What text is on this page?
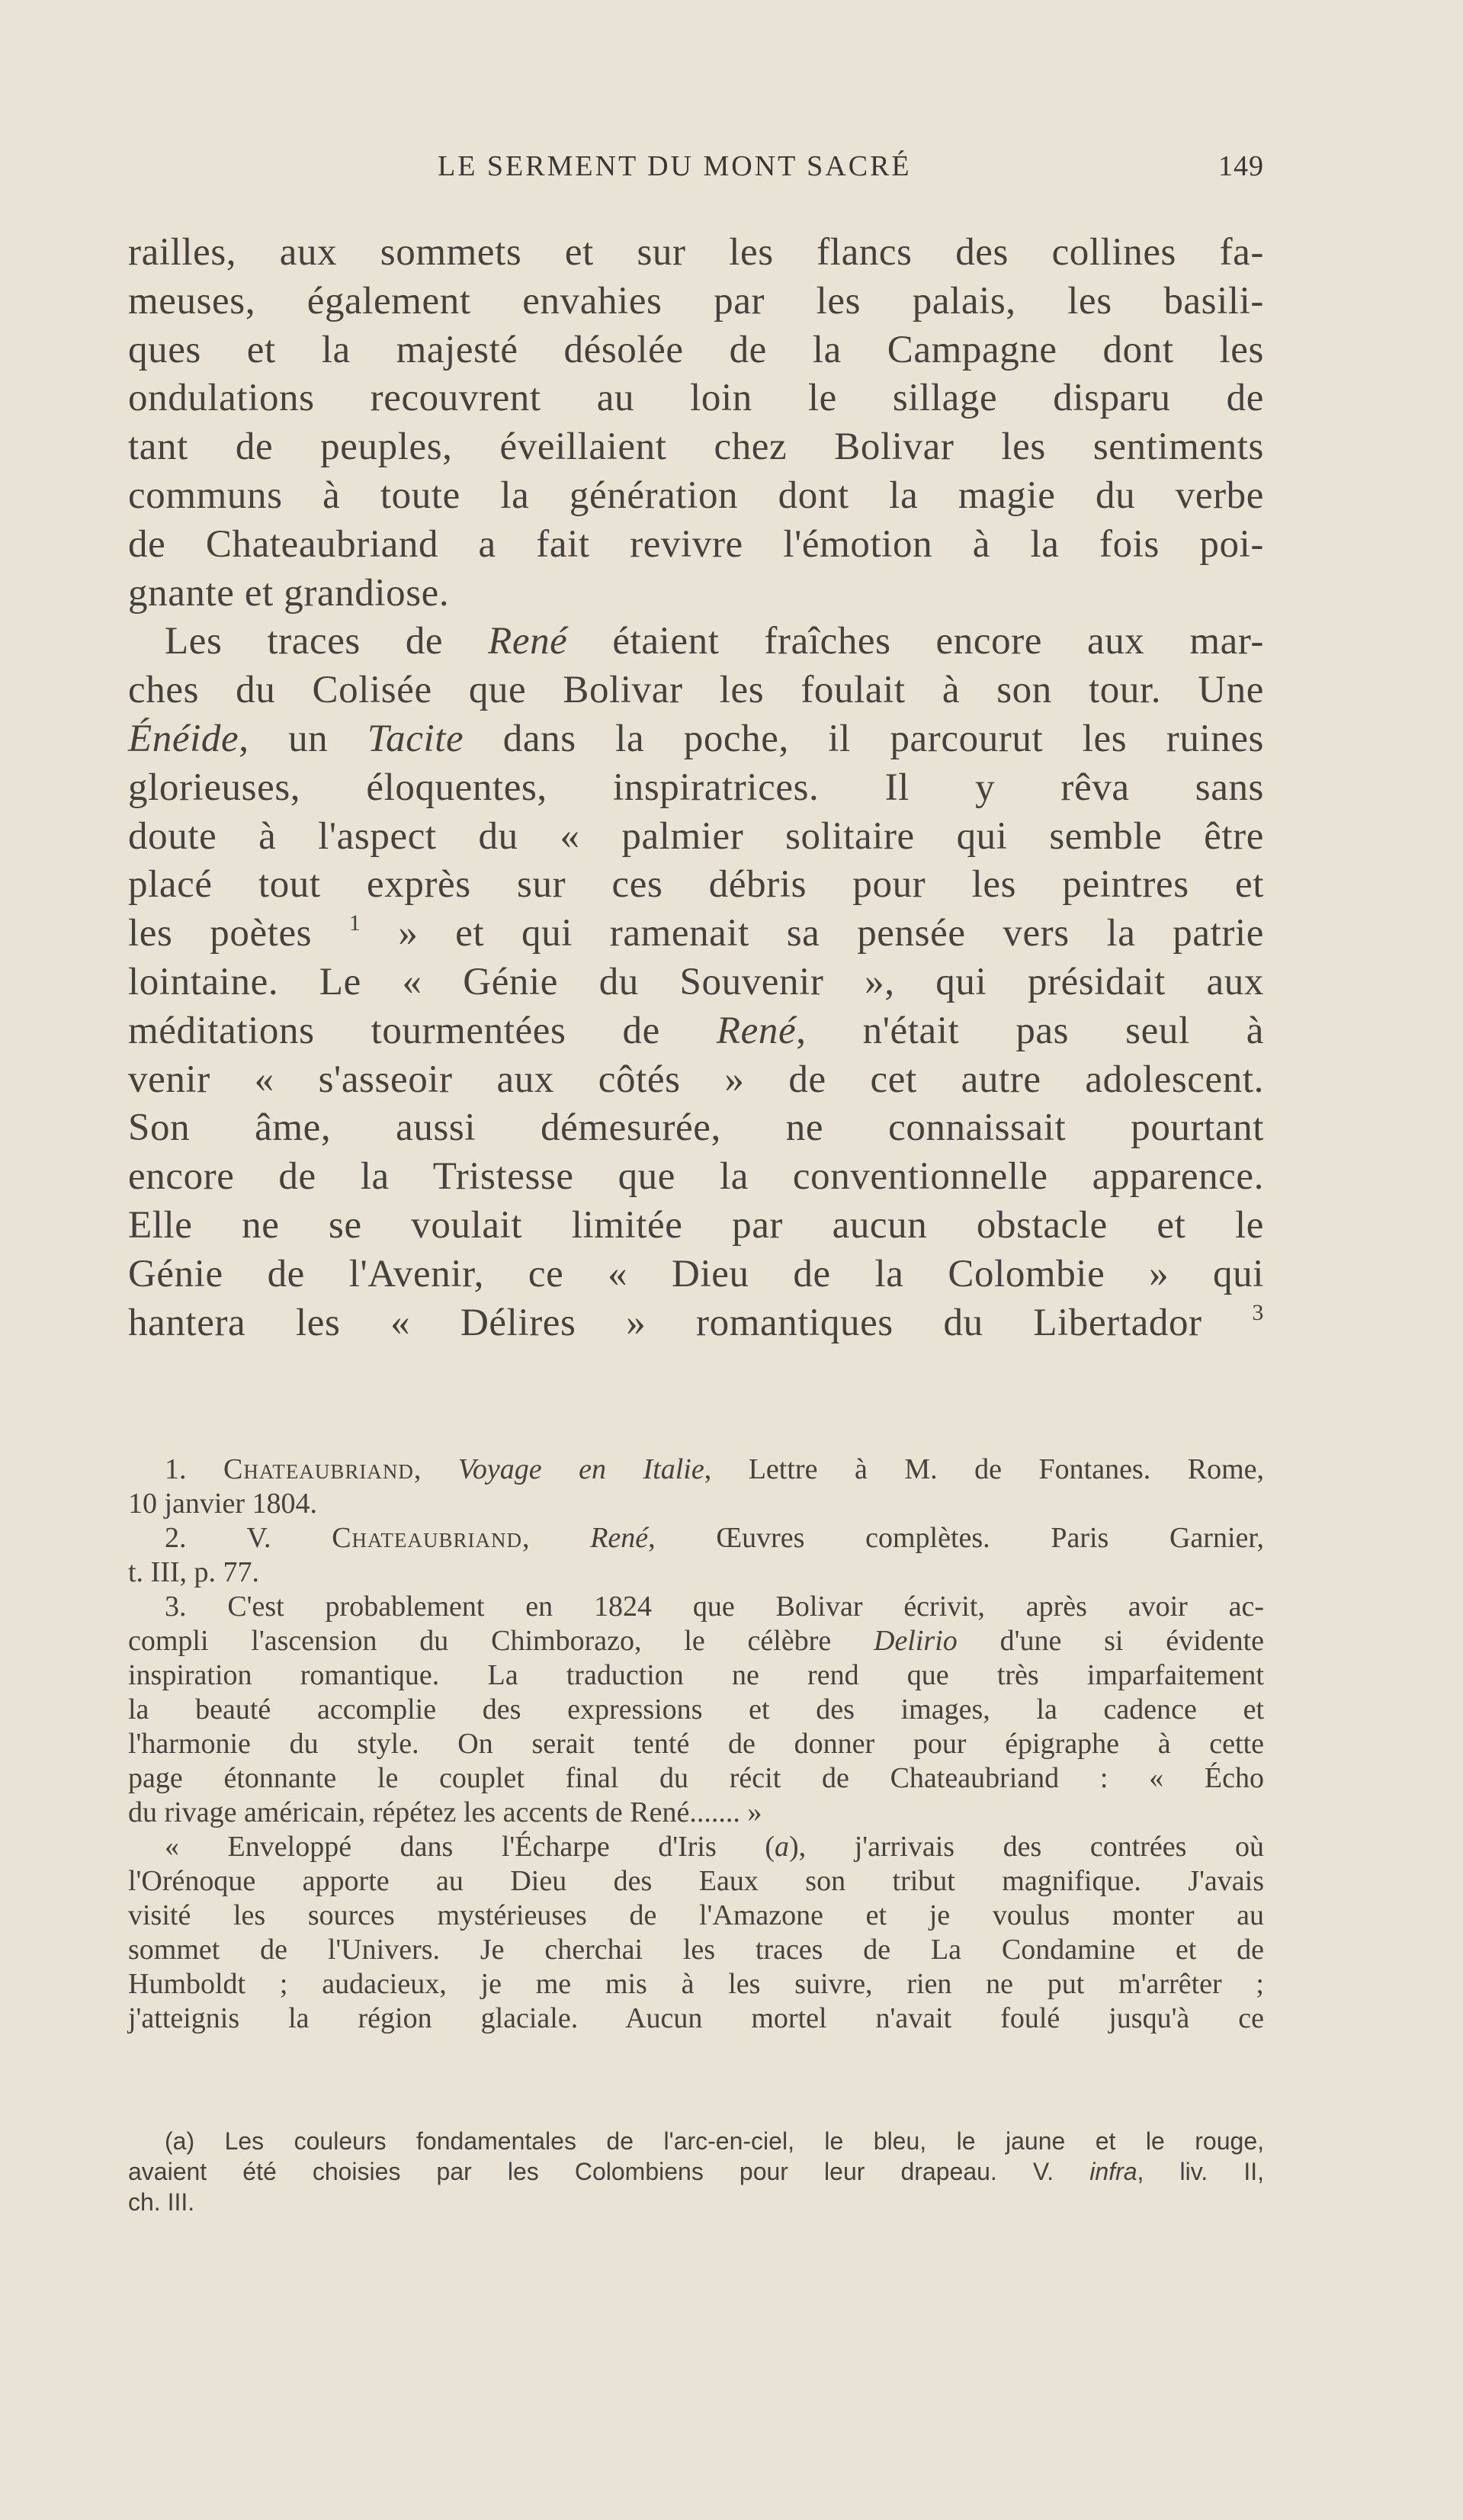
LE SERMENT DU MONT SACRÉ	149
railles, aux sommets et sur les flancs des collines fa-
meuses, également envahies par les palais, les basili-
ques et la majesté désolée de la Campagne dont les
ondulations recouvrent au loin le sillage disparu de
tant de peuples, éveillaient chez Bolivar les sentiments
communs à toute la génération dont la magie du verbe
de Chateaubriand a fait revivre l'émotion à la fois poi-
gnante et grandiose.
Les traces de René étaient fraîches encore aux mar-
ches du Colisée que Bolivar les foulait à son tour. Une
Énéide, un Tacite dans la poche, il parcourut les ruines
glorieuses, éloquentes, inspiratrices. Il y rêva sans
doute à l'aspect du « palmier solitaire qui semble être
placé tout exprès sur ces débris pour les peintres et
les poètes $^1$ » et qui ramenait sa pensée vers la patrie
lointaine. Le « Génie du Souvenir », qui présidait aux
méditations tourmentées de René, n'était pas seul à
venir « s'asseoir aux côtés » de cet autre adolescent.
Son âme, aussi démesurée, ne connaissait pourtant
encore de la Tristesse que la conventionnelle apparence.
Elle ne se voulait limitée par aucun obstacle et le
Génie de l'Avenir, ce « Dieu de la Colombie » qui
hantera les « Délires » romantiques du Libertador $^3$
1. Chateaubriand, Voyage en Italie, Lettre à M. de Fontanes. Rome,
10 janvier 1804.
2. V. Chateaubriand, René, Œuvres complètes. Paris Garnier,
t. III, p. 77.
3. C'est probablement en 1824 que Bolivar écrivit, après avoir ac-
compli l'ascension du Chimborazo, le célèbre Delirio d'une si évidente
inspiration romantique. La traduction ne rend que très imparfaitement
la beauté accomplie des expressions et des images, la cadence et
l'harmonie du style. On serait tenté de donner pour épigraphe à cette
page étonnante le couplet final du récit de Chateaubriand : « Écho
du rivage américain, répétez les accents de René....... »
« Enveloppé dans l'Écharpe d'Iris (a), j'arrivais des contrées où
l'Orénoque apporte au Dieu des Eaux son tribut magnifique. J'avais
visité les sources mystérieuses de l'Amazone et je voulus monter au
sommet de l'Univers. Je cherchai les traces de La Condamine et de
Humboldt ; audacieux, je me mis à les suivre, rien ne put m'arrêter ;
j'atteignis la région glaciale. Aucun mortel n'avait foulé jusqu'à ce
(a) Les couleurs fondamentales de l'arc-en-ciel, le bleu, le jaune et le rouge,
avaient été choisies par les Colombiens pour leur drapeau. V. infra, liv. II,
ch. III.
